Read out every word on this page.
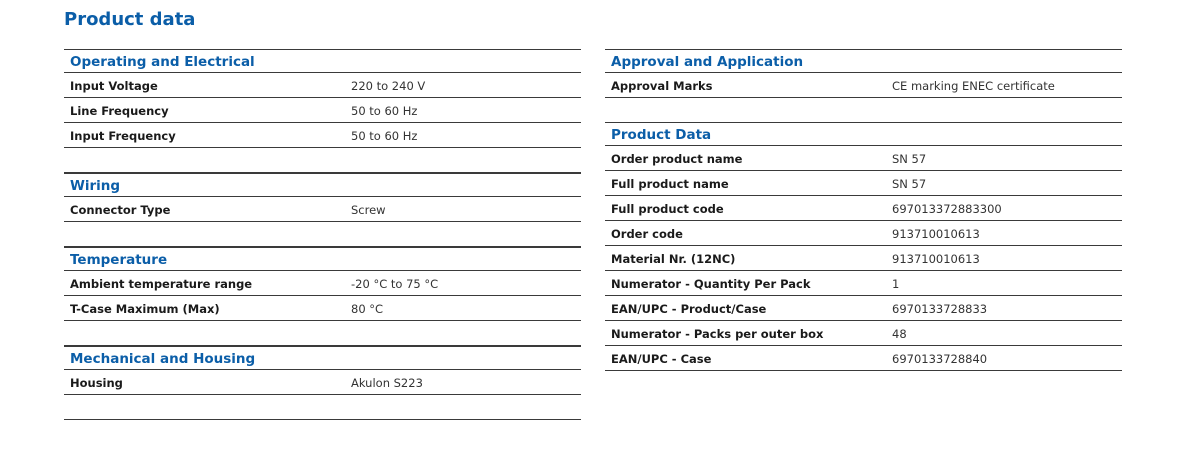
Product data
Operating and Electrical
Input Voltage	220 to 240 V
Line Frequency	50 to 60 Hz
Input Frequency	50 to 60 Hz
Wiring
Connector Type	Screw
Temperature
Ambient temperature range	-20 °C to 75 °C
T-Case Maximum (Max)	80 °C
Mechanical and Housing
Housing	Akulon S223
Approval and Application
Approval Marks	CE marking ENEC certificate
Product Data
Order product name	SN 57
Full product name	SN 57
Full product code	697013372883300
Order code	913710010613
Material Nr. (12NC)	913710010613
Numerator - Quantity Per Pack	1
EAN/UPC - Product/Case	6970133728833
Numerator - Packs per outer box	48
EAN/UPC - Case	6970133728840
